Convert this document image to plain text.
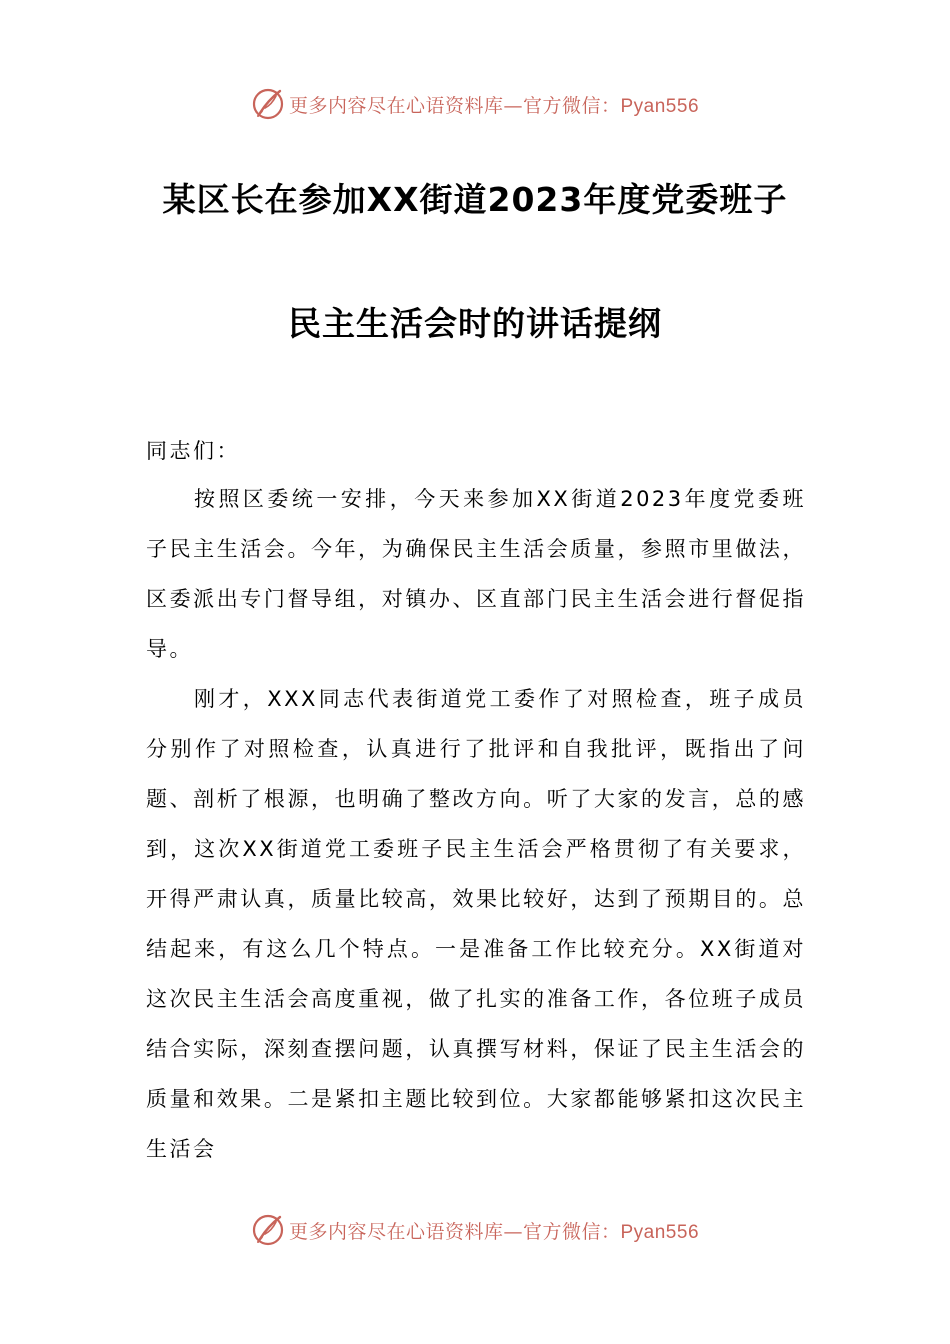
更多内容尽在心语资料库—官方微信：Pyan556
某区长在参加XX街道2023年度党委班子
民主生活会时的讲话提纲
同志们：

按照区委统一安排，今天来参加XX街道2023年度党委班子民主生活会。今年，为确保民主生活会质量，参照市里做法，区委派出专门督导组，对镇办、区直部门民主生活会进行督促指导。

刚才，XXX同志代表街道党工委作了对照检查，班子成员分别作了对照检查，认真进行了批评和自我批评，既指出了问题、剖析了根源，也明确了整改方向。听了大家的发言，总的感到，这次XX街道党工委班子民主生活会严格贯彻了有关要求，开得严肃认真，质量比较高，效果比较好，达到了预期目的。总结起来，有这么几个特点。一是准备工作比较充分。XX街道对这次民主生活会高度重视，做了扎实的准备工作，各位班子成员结合实际，深刻查摆问题，认真撰写材料，保证了民主生活会的质量和效果。二是紧扣主题比较到位。大家都能够紧扣这次民主生活会

更多内容尽在心语资料库—官方微信：Pyan556
